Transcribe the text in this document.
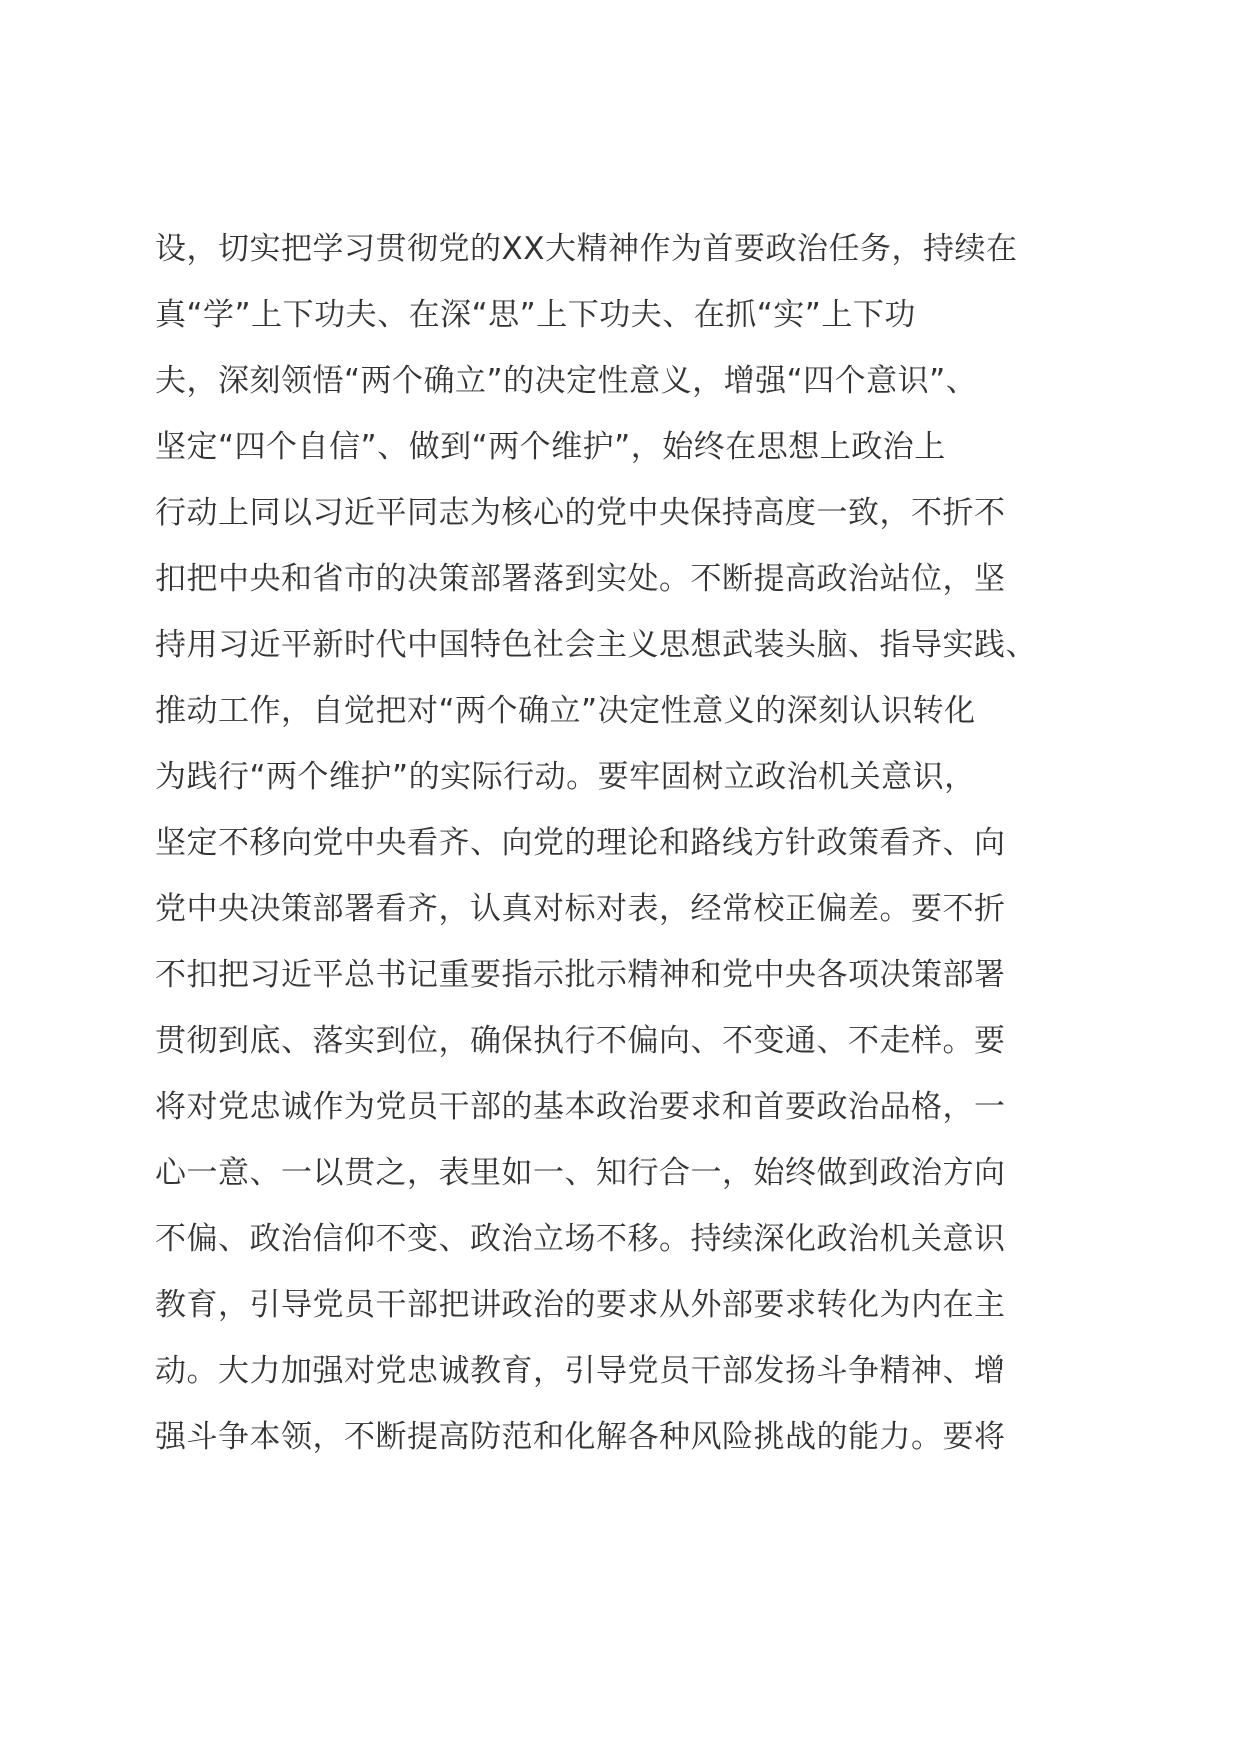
设，切实把学习贯彻党的XX大精神作为首要政治任务，持续在
真“学”上下功夫、在深“思”上下功夫、在抓“实”上下功
夫，深刻领悟“两个确立”的决定性意义，增强“四个意识”、
坚定“四个自信”、做到“两个维护”，始终在思想上政治上
行动上同以习近平同志为核心的党中央保持高度一致，不折不
扣把中央和省市的决策部署落到实处。不断提高政治站位，坚
持用习近平新时代中国特色社会主义思想武装头脑、指导实践、
推动工作，自觉把对“两个确立”决定性意义的深刻认识转化
为践行“两个维护”的实际行动。要牢固树立政治机关意识，
坚定不移向党中央看齐、向党的理论和路线方针政策看齐、向
党中央决策部署看齐，认真对标对表，经常校正偏差。要不折
不扣把习近平总书记重要指示批示精神和党中央各项决策部署
贯彻到底、落实到位，确保执行不偏向、不变通、不走样。要
将对党忠诚作为党员干部的基本政治要求和首要政治品格，一
心一意、一以贯之，表里如一、知行合一，始终做到政治方向
不偏、政治信仰不变、政治立场不移。持续深化政治机关意识
教育，引导党员干部把讲政治的要求从外部要求转化为内在主
动。大力加强对党忠诚教育，引导党员干部发扬斗争精神、增
强斗争本领，不断提高防范和化解各种风险挑战的能力。要将
